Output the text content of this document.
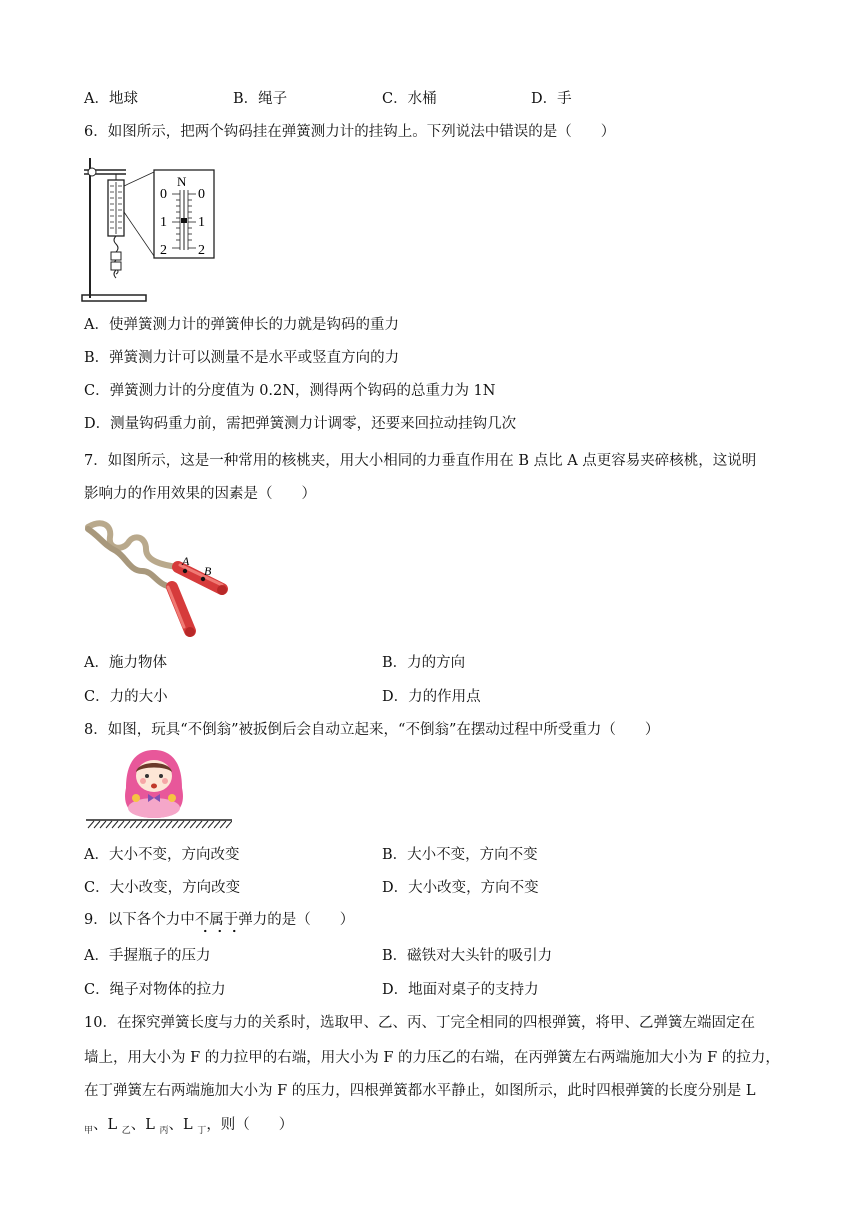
A．地球	B．绳子	C．水桶	D．手
6．如图所示，把两个钩码挂在弹簧测力计的挂钩上。下列说法中错误的是（　　）
N
0
1
2
0
1
2
A．使弹簧测力计的弹簧伸长的力就是钩码的重力
B．弹簧测力计可以测量不是水平或竖直方向的力
C．弹簧测力计的分度值为 0.2N，测得两个钩码的总重力为 1N
D．测量钩码重力前，需把弹簧测力计调零，还要来回拉动挂钩几次
7．如图所示，这是一种常用的核桃夹，用大小相同的力垂直作用在 B 点比 A 点更容易夹碎核桃，这说明
影响力的作用效果的因素是（　　）
A
B
A．施力物体	B．力的方向
C．力的大小	D．力的作用点
8．如图，玩具“不倒翁”被扳倒后会自动立起来，“不倒翁”在摆动过程中所受重力（　　）
A．大小不变，方向改变	B．大小不变，方向不变
C．大小改变，方向改变	D．大小改变，方向不变
9．以下各个力中不属于弹力的是（　　）
A．手握瓶子的压力	B．磁铁对大头针的吸引力
C．绳子对物体的拉力	D．地面对桌子的支持力
10．在探究弹簧长度与力的关系时，选取甲、乙、丙、丁完全相同的四根弹簧，将甲、乙弹簧左端固定在
墙上，用大小为 F 的力拉甲的右端，用大小为 F 的力压乙的右端，在丙弹簧左右两端施加大小为 F 的拉力，
在丁弹簧左右两端施加大小为 F 的压力，四根弹簧都水平静止，如图所示，此时四根弹簧的长度分别是 L
$_甲$、L $_乙$、L $_丙$、L $_丁$，则（　　）
